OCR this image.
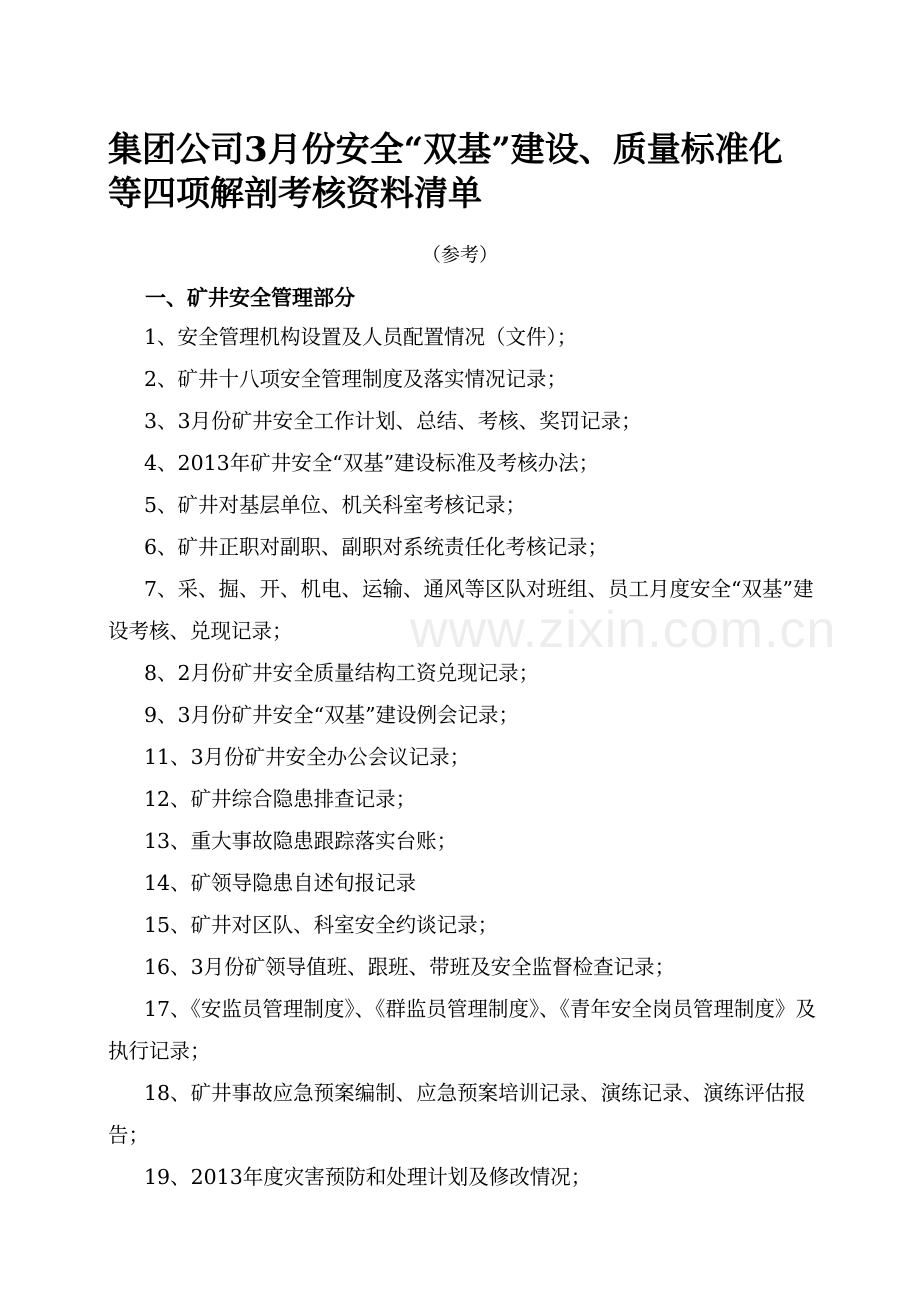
集团公司3月份安全“双基”建设、质量标准化
等四项解剖考核资料清单
（参考）
一、矿井安全管理部分
1、安全管理机构设置及人员配置情况（文件）；
2、矿井十八项安全管理制度及落实情况记录；
3、3月份矿井安全工作计划、总结、考核、奖罚记录；
4、2013年矿井安全“双基”建设标准及考核办法；
5、矿井对基层单位、机关科室考核记录；
6、矿井正职对副职、副职对系统责任化考核记录；
7、采、掘、开、机电、运输、通风等区队对班组、员工月度安全“双基”建设考核、兑现记录；
8、2月份矿井安全质量结构工资兑现记录；
9、3月份矿井安全“双基”建设例会记录；
11、3月份矿井安全办公会议记录；
12、矿井综合隐患排查记录；
13、重大事故隐患跟踪落实台账；
14、矿领导隐患自述旬报记录
15、矿井对区队、科室安全约谈记录；
16、3月份矿领导值班、跟班、带班及安全监督检查记录；
17、《安监员管理制度》、《群监员管理制度》、《青年安全岗员管理制度》及执行记录；
18、矿井事故应急预案编制、应急预案培训记录、演练记录、演练评估报告；
19、2013年度灾害预防和处理计划及修改情况；
www.zixin.com.cn
